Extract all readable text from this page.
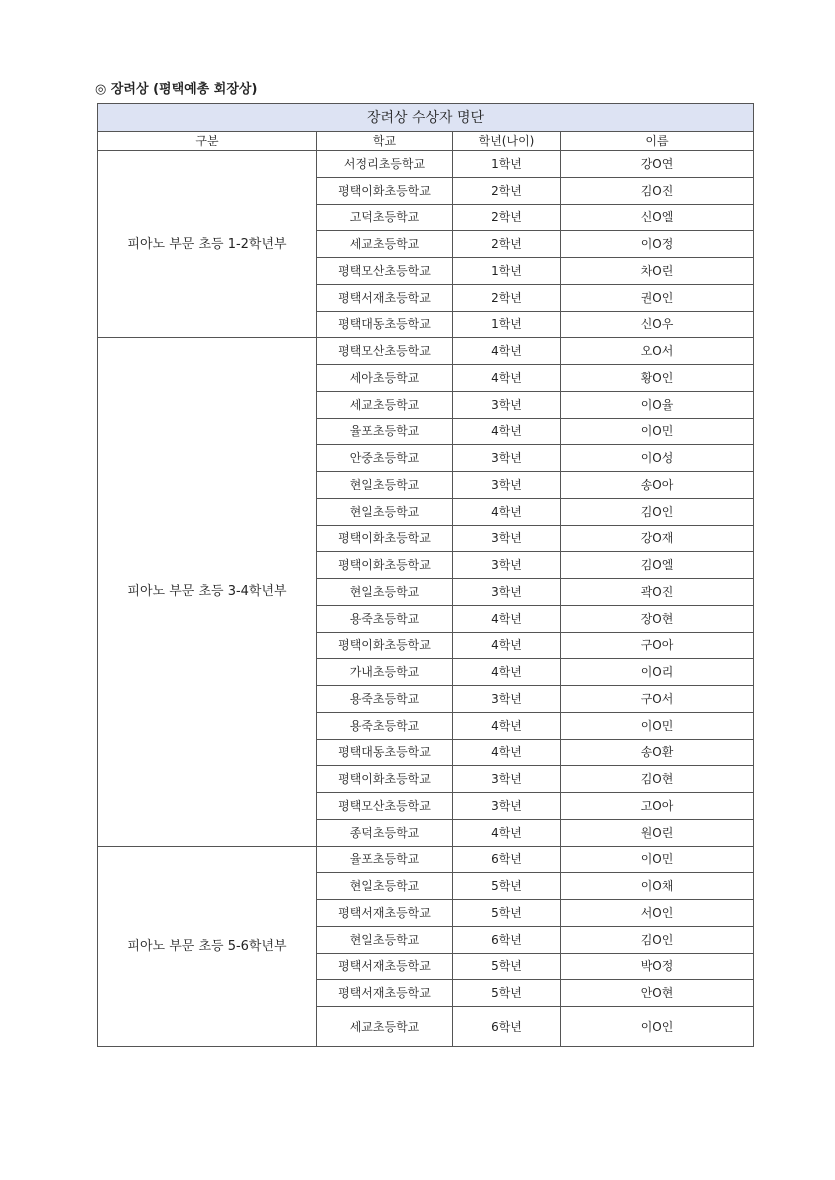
◎ 장려상 (평택예총 회장상)
장려상 수상자 명단			
구분	학교	학년(나이)	이름
피아노 부문 초등 1-2학년부	서정리초등학교	1학년	강O연
	평택이화초등학교	2학년	김O진
	고덕초등학교	2학년	신O엘
	세교초등학교	2학년	이O정
	평택모산초등학교	1학년	차O린
	평택서재초등학교	2학년	권O인
	평택대동초등학교	1학년	신O우
피아노 부문 초등 3-4학년부	평택모산초등학교	4학년	오O서
	세아초등학교	4학년	황O인
	세교초등학교	3학년	이O율
	율포초등학교	4학년	이O민
	안중초등학교	3학년	이O성
	현일초등학교	3학년	송O아
	현일초등학교	4학년	김O인
	평택이화초등학교	3학년	강O재
	평택이화초등학교	3학년	김O엘
	현일초등학교	3학년	곽O진
	용죽초등학교	4학년	장O현
	평택이화초등학교	4학년	구O아
	가내초등학교	4학년	이O리
	용죽초등학교	3학년	구O서
	용죽초등학교	4학년	이O민
	평택대동초등학교	4학년	송O환
	평택이화초등학교	3학년	김O현
	평택모산초등학교	3학년	고O아
	종덕초등학교	4학년	원O린
피아노 부문 초등 5-6학년부	율포초등학교	6학년	이O민
	현일초등학교	5학년	이O채
	평택서재초등학교	5학년	서O인
	현일초등학교	6학년	김O인
	평택서재초등학교	5학년	박O정
	평택서재초등학교	5학년	안O현
	세교초등학교	6학년	이O인
